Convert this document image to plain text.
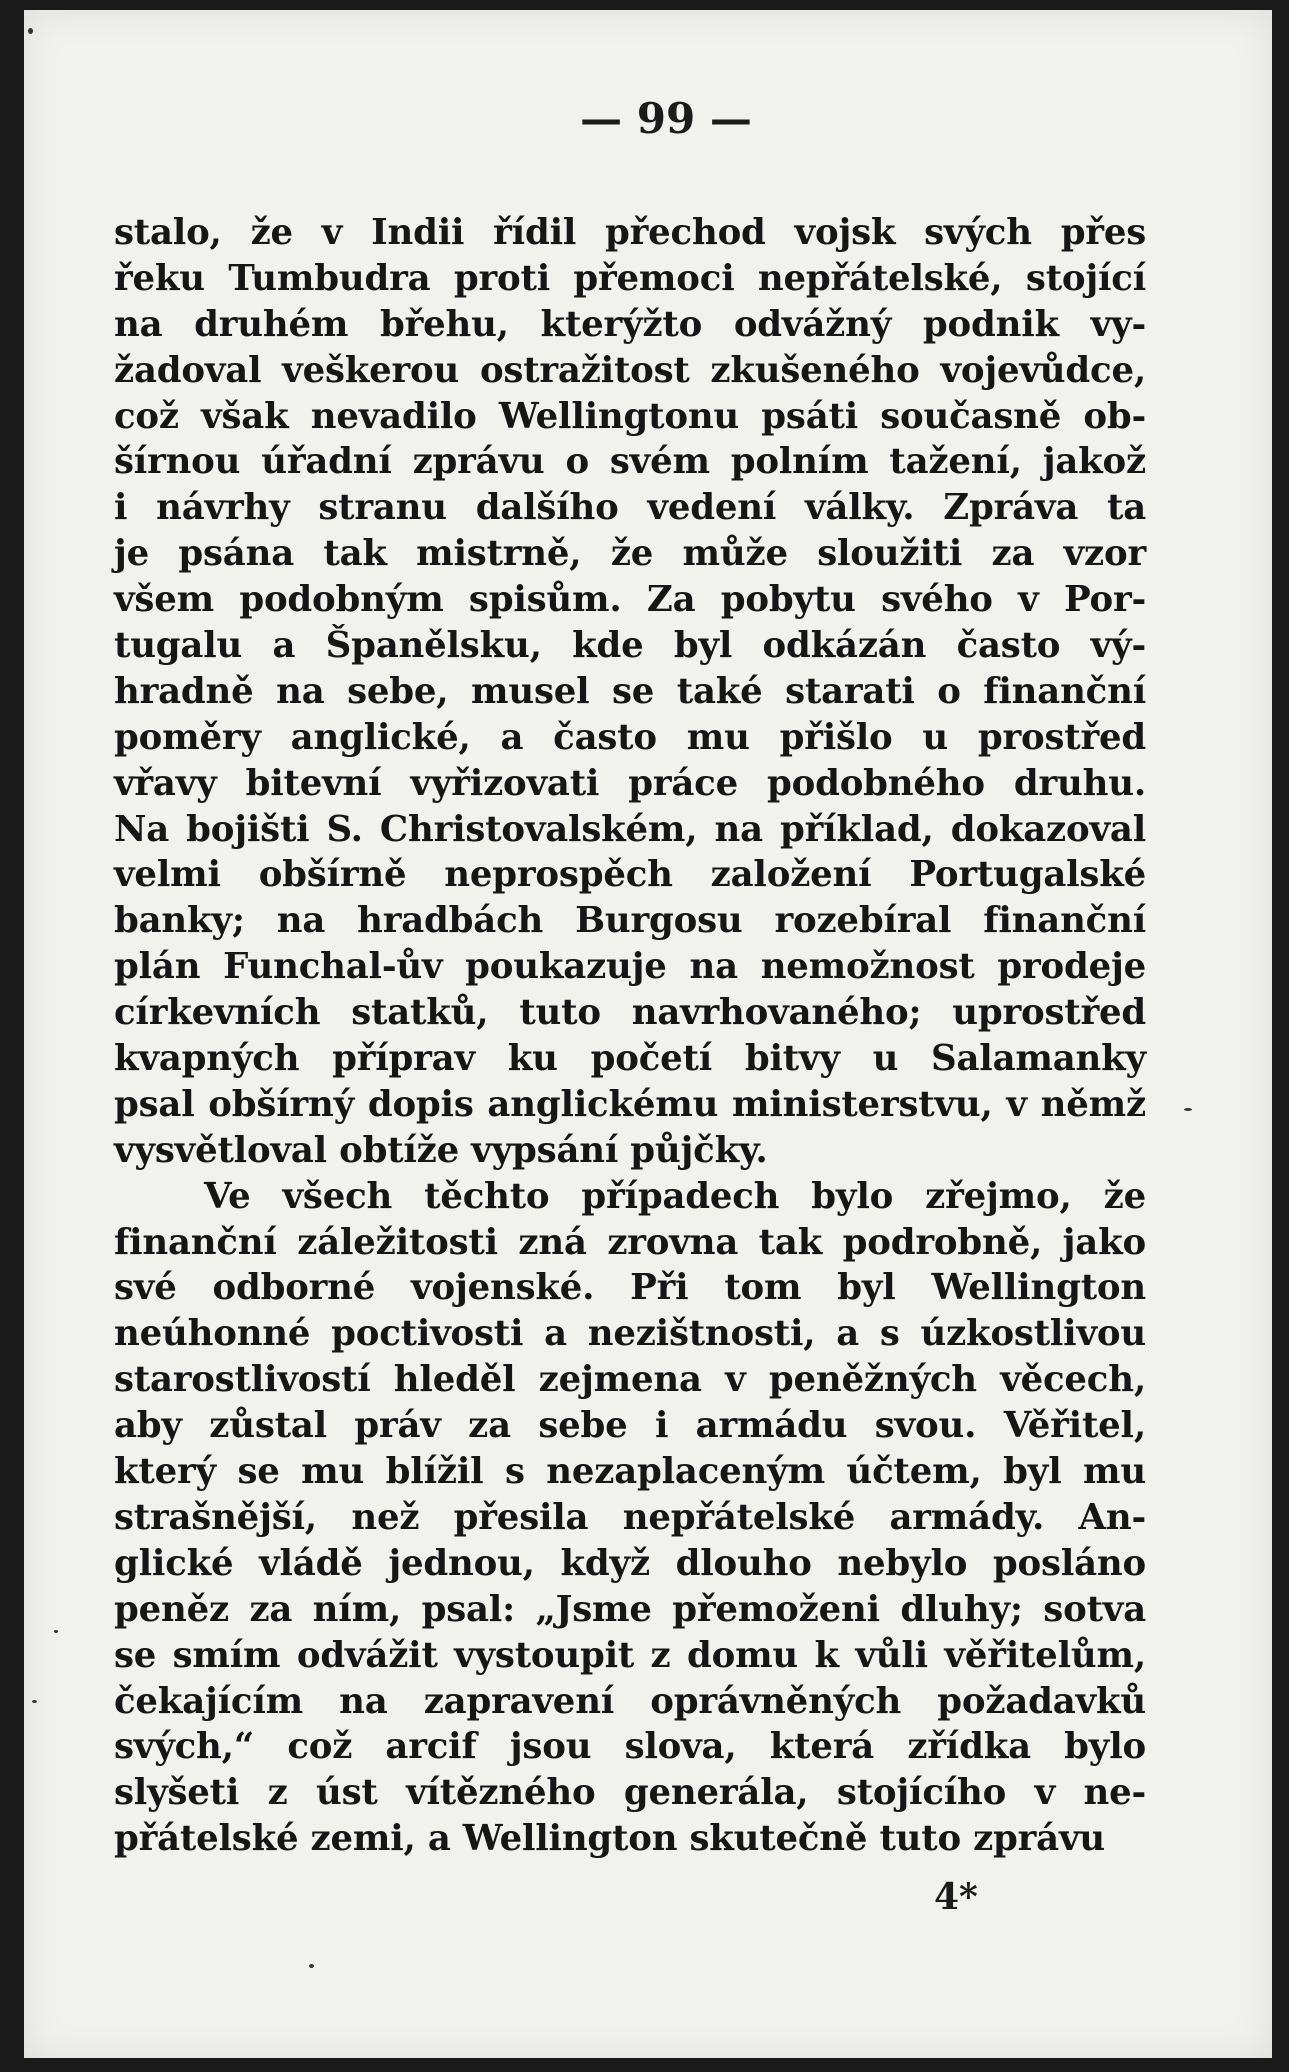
— 99 —
stalo, že v Indii řídil přechod vojsk svých přes
řeku Tumbudra proti přemoci nepřátelské, stojící
na druhém břehu, kterýžto odvážný podnik vy-
žadoval veškerou ostražitost zkušeného vojevůdce,
což však nevadilo Wellingtonu psáti současně ob-
šírnou úřadní zprávu o svém polním tažení, jakož
i návrhy stranu dalšího vedení války. Zpráva ta
je psána tak mistrně, že může sloužiti za vzor
všem podobným spisům. Za pobytu svého v Por-
tugalu a Španělsku, kde byl odkázán často vý-
hradně na sebe, musel se také starati o finanční
poměry anglické, a často mu přišlo u prostřed
vřavy bitevní vyřizovati práce podobného druhu.
Na bojišti S. Christovalském, na příklad, dokazoval
velmi obšírně neprospěch založení Portugalské
banky; na hradbách Burgosu rozebíral finanční
plán Funchal-ův poukazuje na nemožnost prodeje
církevních statků, tuto navrhovaného; uprostřed
kvapných příprav ku početí bitvy u Salamanky
psal obšírný dopis anglickému ministerstvu, v němž
vysvětloval obtíže vypsání půjčky.
Ve všech těchto případech bylo zřejmo, že
finanční záležitosti zná zrovna tak podrobně, jako
své odborné vojenské. Při tom byl Wellington
neúhonné poctivosti a nezištnosti, a s úzkostlivou
starostlivostí hleděl zejmena v peněžných věcech,
aby zůstal práv za sebe i armádu svou. Věřitel,
který se mu blížil s nezaplaceným účtem, byl mu
strašnější, než přesila nepřátelské armády. An-
glické vládě jednou, když dlouho nebylo posláno
peněz za ním, psal: „Jsme přemoženi dluhy; sotva
se smím odvážit vystoupit z domu k vůli věřitelům,
čekajícím na zapravení oprávněných požadavků
svých,“ což arcif jsou slova, která zřídka bylo
slyšeti z úst vítězného generála, stojícího v ne-
přátelské zemi, a Wellington skutečně tuto zprávu
4*
